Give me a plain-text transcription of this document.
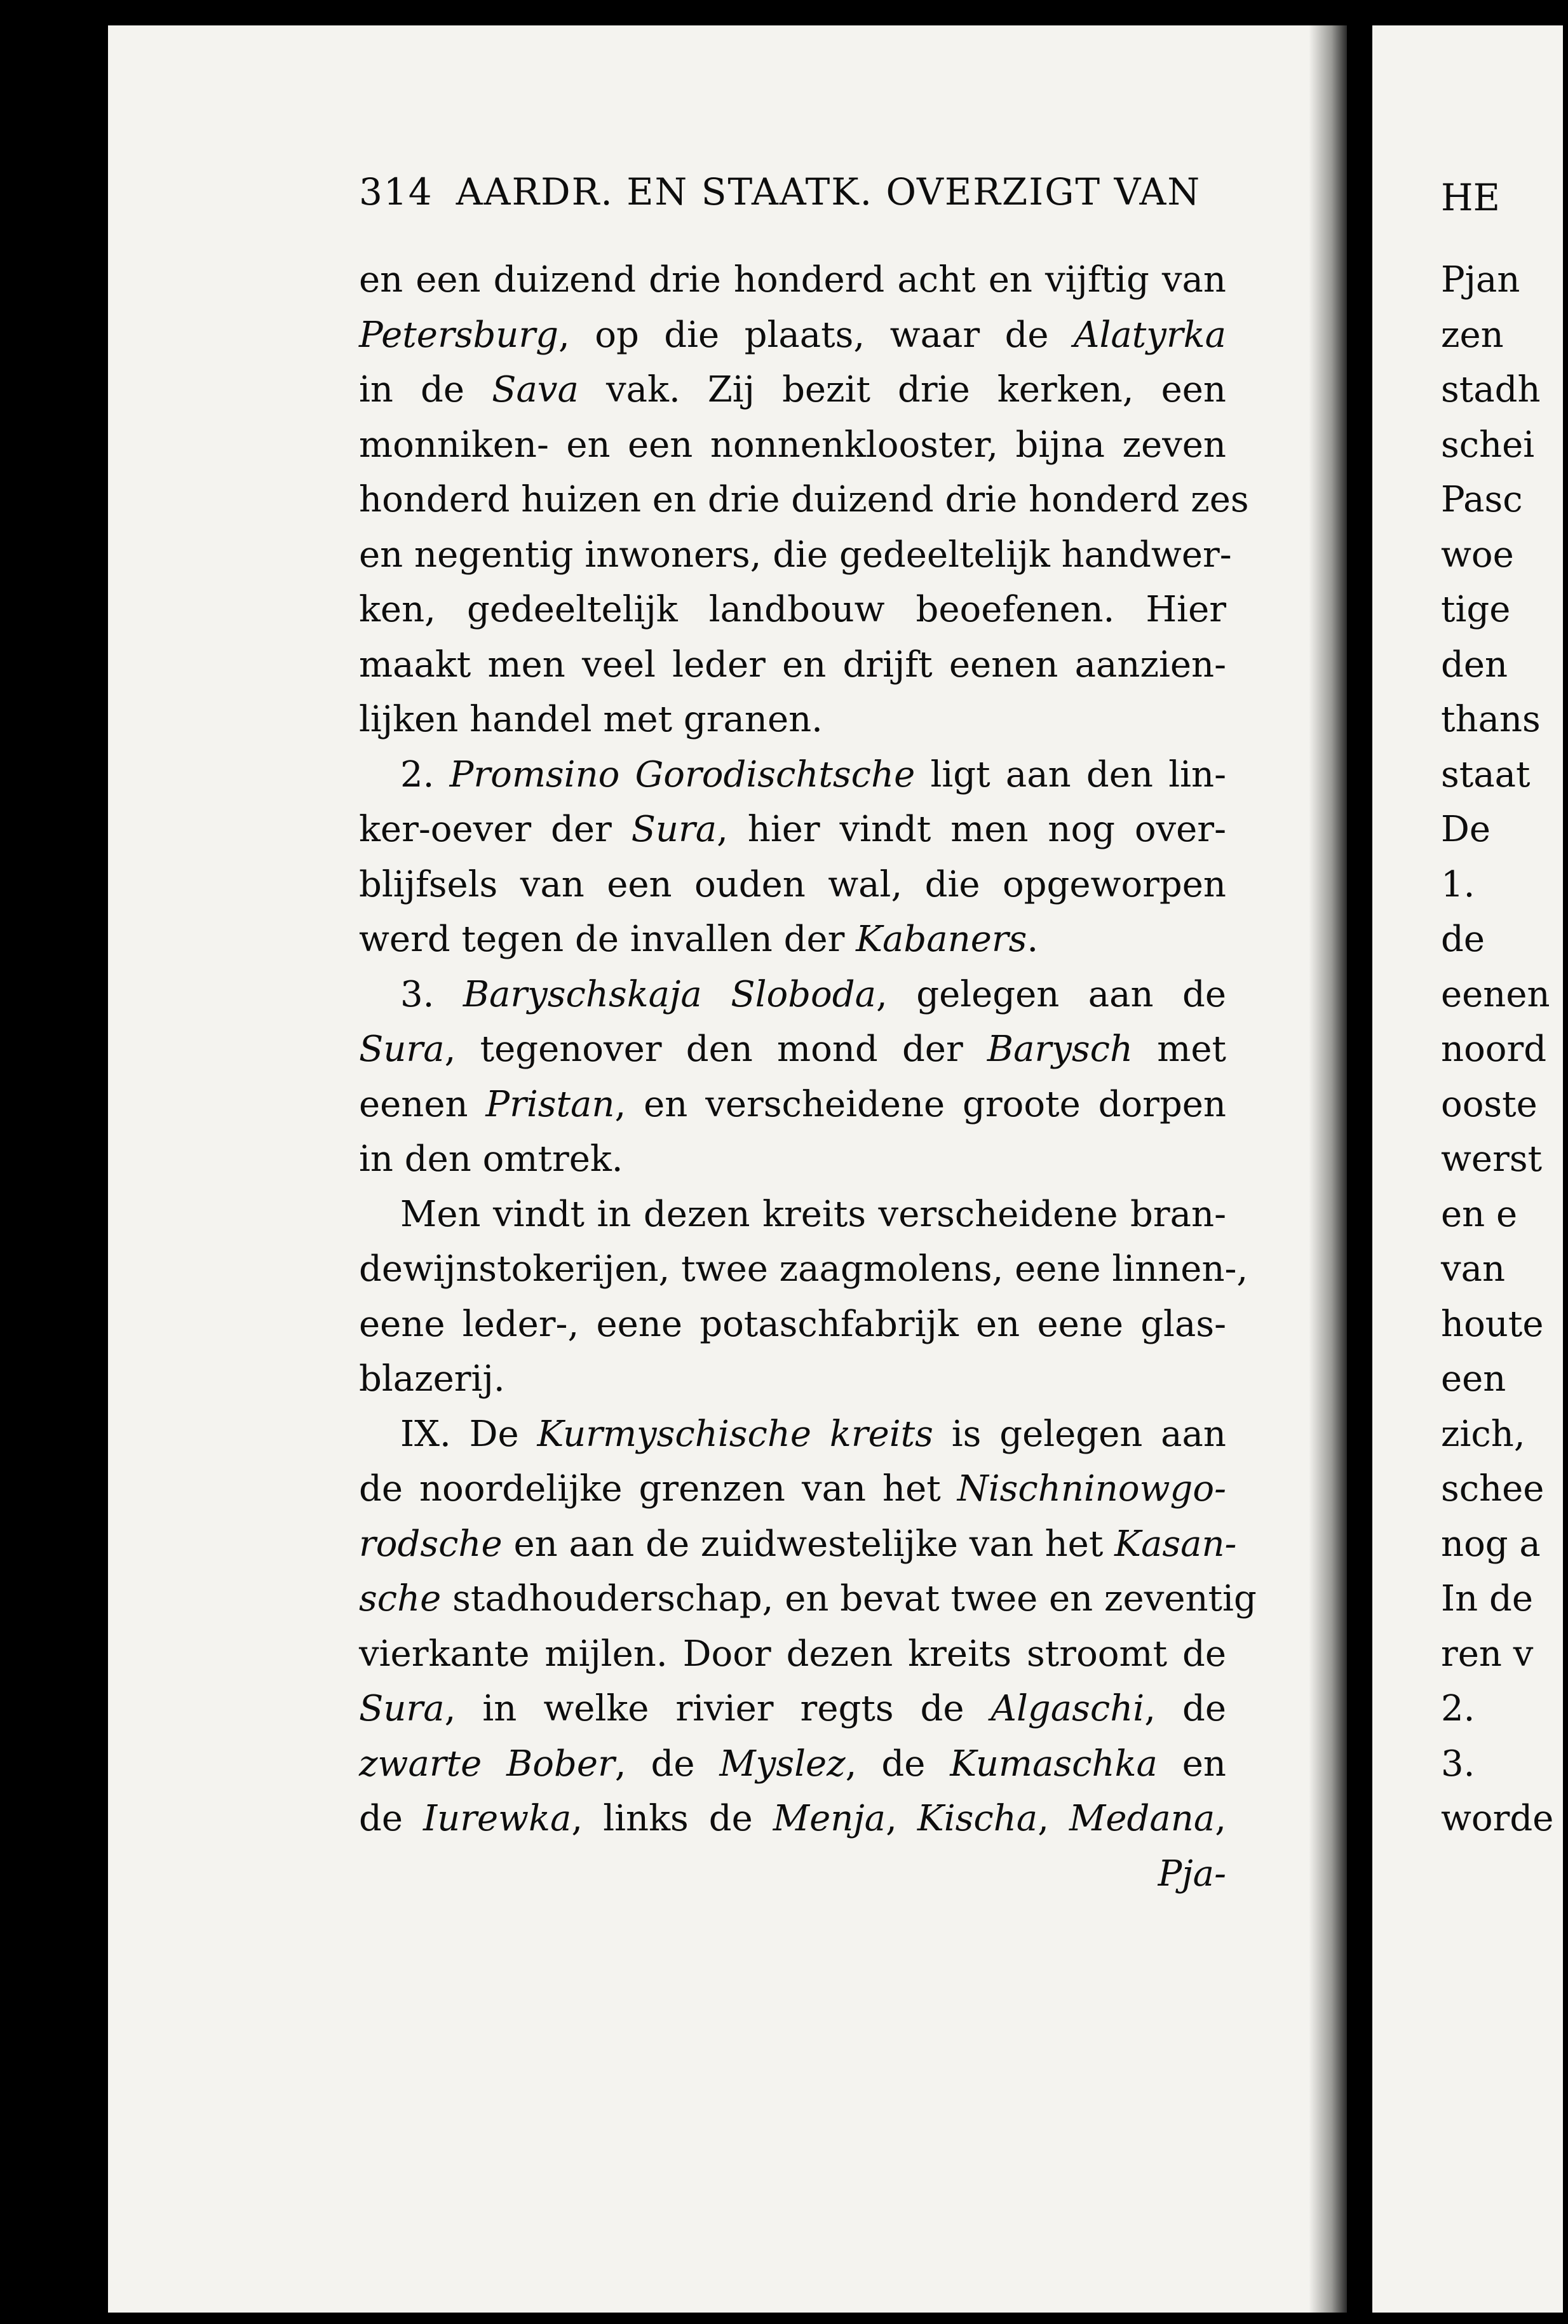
314 AARDR. EN STAATK. OVERZIGT VAN
en een duizend drie honderd acht en vijftig van
Petersburg, op die plaats, waar de Alatyrka
in de Sava vak. Zij bezit drie kerken, een
monniken- en een nonnenklooster, bijna zeven
honderd huizen en drie duizend drie honderd zes
en negentig inwoners, die gedeeltelijk handwer-
ken, gedeeltelijk landbouw beoefenen. Hier
maakt men veel leder en drijft eenen aanzien-
lijken handel met granen.
2. Promsino Gorodischtsche ligt aan den lin-
ker-oever der Sura, hier vindt men nog over-
blijfsels van een ouden wal, die opgeworpen
werd tegen de invallen der Kabaners.
3. Baryschskaja Sloboda, gelegen aan de
Sura, tegenover den mond der Barysch met
eenen Pristan, en verscheidene groote dorpen
in den omtrek.
Men vindt in dezen kreits verscheidene bran-
dewijnstokerijen, twee zaagmolens, eene linnen-,
eene leder-, eene potaschfabrijk en eene glas-
blazerij.
IX. De Kurmyschische kreits is gelegen aan
de noordelijke grenzen van het Nischninowgo-
rodsche en aan de zuidwestelijke van het Kasan-
sche stadhouderschap, en bevat twee en zeventig
vierkante mijlen. Door dezen kreits stroomt de
Sura, in welke rivier regts de Algaschi, de
zwarte Bober, de Myslez, de Kumaschka en
de Iurewka, links de Menja, Kischa, Medana,
Pja-
HE
Pjan
zen
stadh
schei
Pasc
woe
tige
den
thans
staat
De
1.
de
eenen
noord
ooste
werst
en e
van
houte
een
zich,
schee
nog a
In de
ren v
2.
3.
worde
